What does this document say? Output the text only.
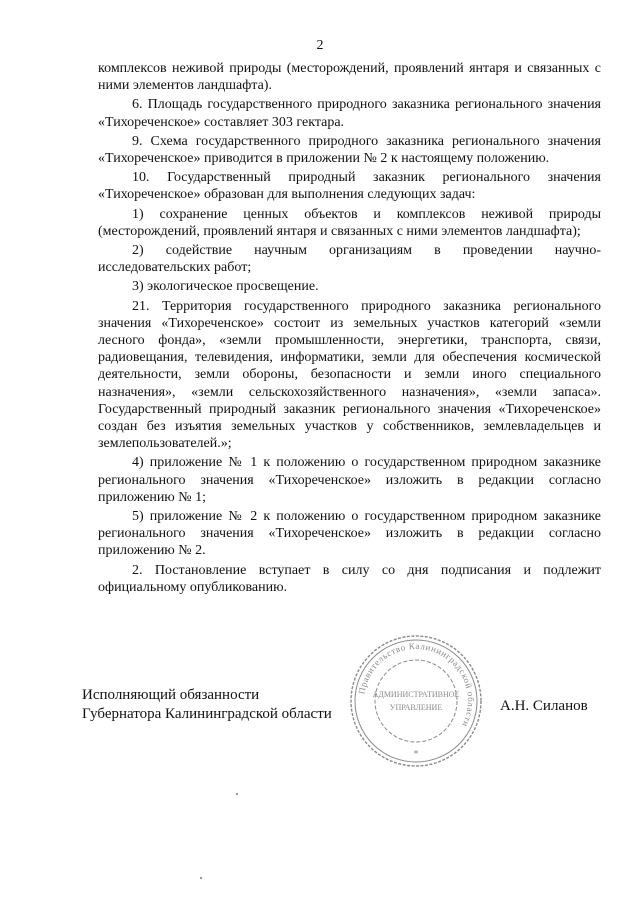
2

комплексов неживой природы (месторождений, проявлений янтаря и связанных с ними элементов ландшафта).

6. Площадь государственного природного заказника регионального значения «Тихореченское» составляет 303 гектара.

9. Схема государственного природного заказника регионального значения «Тихореченское» приводится в приложении № 2 к настоящему положению.

10. Государственный природный заказник регионального значения «Тихореченское» образован для выполнения следующих задач:

1) сохранение ценных объектов и комплексов неживой природы (месторождений, проявлений янтаря и связанных с ними элементов ландшафта);

2) содействие научным организациям в проведении научно-исследовательских работ;

3) экологическое просвещение.

21. Территория государственного природного заказника регионального значения «Тихореченское» состоит из земельных участков категорий «земли лесного фонда», «земли промышленности, энергетики, транспорта, связи, радиовещания, телевидения, информатики, земли для обеспечения космической деятельности, земли обороны, безопасности и земли иного специального назначения», «земли сельскохозяйственного назначения», «земли запаса». Государственный природный заказник регионального значения «Тихореченское» создан без изъятия земельных участков у собственников, землевладельцев и землепользователей.»;

4) приложение № 1 к положению о государственном природном заказнике регионального значения «Тихореченское» изложить в редакции согласно приложению № 1;

5) приложение № 2 к положению о государственном природном заказнике регионального значения «Тихореченское» изложить в редакции согласно приложению № 2.

2. Постановление вступает в силу со дня подписания и подлежит официальному опубликованию.

Исполняющий обязанности
Губернатора Калининградской области
Правительство Калининградской области
АДМИНИСТРАТИВНОЕ
УПРАВЛЕНИЕ
*
А.Н. Силанов
